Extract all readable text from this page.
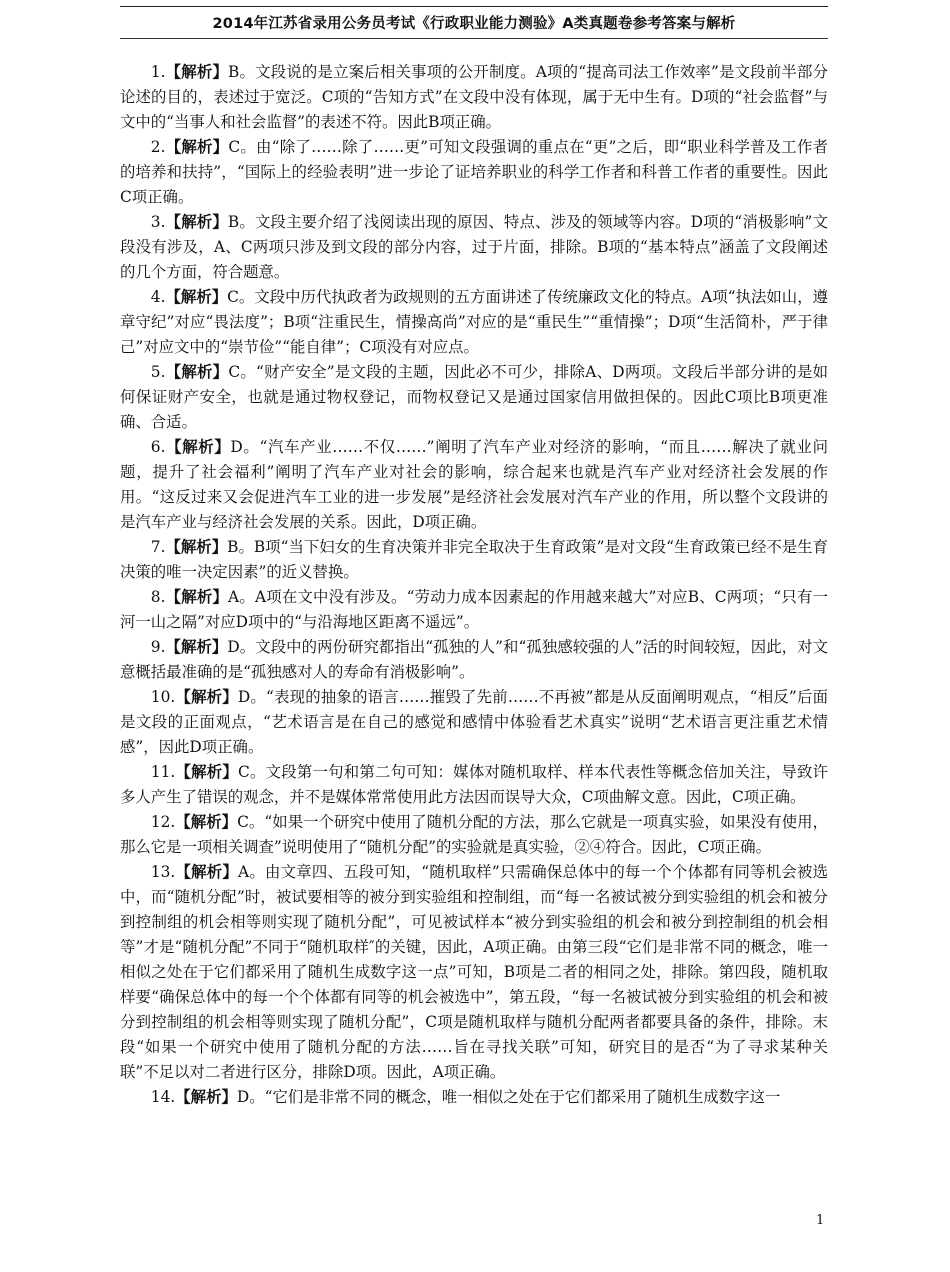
2014年江苏省录用公务员考试《行政职业能力测验》A类真题卷参考答案与解析

1.【解析】B。文段说的是立案后相关事项的公开制度。A项的“提高司法工作效率”是文段前半部分论述的目的，表述过于宽泛。C项的“告知方式”在文段中没有体现，属于无中生有。D项的“社会监督”与文中的“当事人和社会监督”的表述不符。因此B项正确。

2.【解析】C。由“除了……除了……更”可知文段强调的重点在“更”之后，即“职业科学普及工作者的培养和扶持”，“国际上的经验表明”进一步论了证培养职业的科学工作者和科普工作者的重要性。因此C项正确。

3.【解析】B。文段主要介绍了浅阅读出现的原因、特点、涉及的领域等内容。D项的“消极影响”文段没有涉及，A、C两项只涉及到文段的部分内容，过于片面，排除。B项的“基本特点”涵盖了文段阐述的几个方面，符合题意。

4.【解析】C。文段中历代执政者为政规则的五方面讲述了传统廉政文化的特点。A项“执法如山，遵章守纪”对应“畏法度”；B项“注重民生，情操高尚”对应的是“重民生”“重情操”；D项“生活简朴，严于律己”对应文中的“崇节俭”“能自律”；C项没有对应点。

5.【解析】C。“财产安全”是文段的主题，因此必不可少，排除A、D两项。文段后半部分讲的是如何保证财产安全，也就是通过物权登记，而物权登记又是通过国家信用做担保的。因此C项比B项更准确、合适。

6.【解析】D。“汽车产业……不仅……”阐明了汽车产业对经济的影响，“而且……解决了就业问题，提升了社会福利”阐明了汽车产业对社会的影响，综合起来也就是汽车产业对经济社会发展的作用。“这反过来又会促进汽车工业的进一步发展”是经济社会发展对汽车产业的作用，所以整个文段讲的是汽车产业与经济社会发展的关系。因此，D项正确。

7.【解析】B。B项“当下妇女的生育决策并非完全取决于生育政策”是对文段“生育政策已经不是生育决策的唯一决定因素”的近义替换。

8.【解析】A。A项在文中没有涉及。“劳动力成本因素起的作用越来越大”对应B、C两项；“只有一河一山之隔”对应D项中的“与沿海地区距离不遥远”。

9.【解析】D。文段中的两份研究都指出“孤独的人”和“孤独感较强的人”活的时间较短，因此，对文意概括最准确的是“孤独感对人的寿命有消极影响”。

10.【解析】D。“表现的抽象的语言……摧毁了先前……不再被”都是从反面阐明观点，“相反”后面是文段的正面观点，“艺术语言是在自己的感觉和感情中体验看艺术真实”说明“艺术语言更注重艺术情感”，因此D项正确。

11.【解析】C。文段第一句和第二句可知：媒体对随机取样、样本代表性等概念倍加关注，导致许多人产生了错误的观念，并不是媒体常常使用此方法因而误导大众，C项曲解文意。因此，C项正确。

12.【解析】C。“如果一个研究中使用了随机分配的方法，那么它就是一项真实验，如果没有使用，那么它是一项相关调查”说明使用了“随机分配”的实验就是真实验，②④符合。因此，C项正确。

13.【解析】A。由文章四、五段可知，“随机取样”只需确保总体中的每一个个体都有同等机会被选中，而“随机分配”时，被试要相等的被分到实验组和控制组，而“每一名被试被分到实验组的机会和被分到控制组的机会相等则实现了随机分配”，可见被试样本“被分到实验组的机会和被分到控制组的机会相等”才是“随机分配”不同于“随机取样″的关键，因此，A项正确。由第三段“它们是非常不同的概念，唯一相似之处在于它们都采用了随机生成数字这一点”可知，B项是二者的相同之处，排除。第四段，随机取样要“确保总体中的每一个个体都有同等的机会被选中”，第五段，“每一名被试被分到实验组的机会和被分到控制组的机会相等则实现了随机分配”，C项是随机取样与随机分配两者都要具备的条件，排除。末段“如果一个研究中使用了随机分配的方法……旨在寻找关联”可知，研究目的是否“为了寻求某种关联”不足以对二者进行区分，排除D项。因此，A项正确。

14.【解析】D。“它们是非常不同的概念，唯一相似之处在于它们都采用了随机生成数字这一

1
